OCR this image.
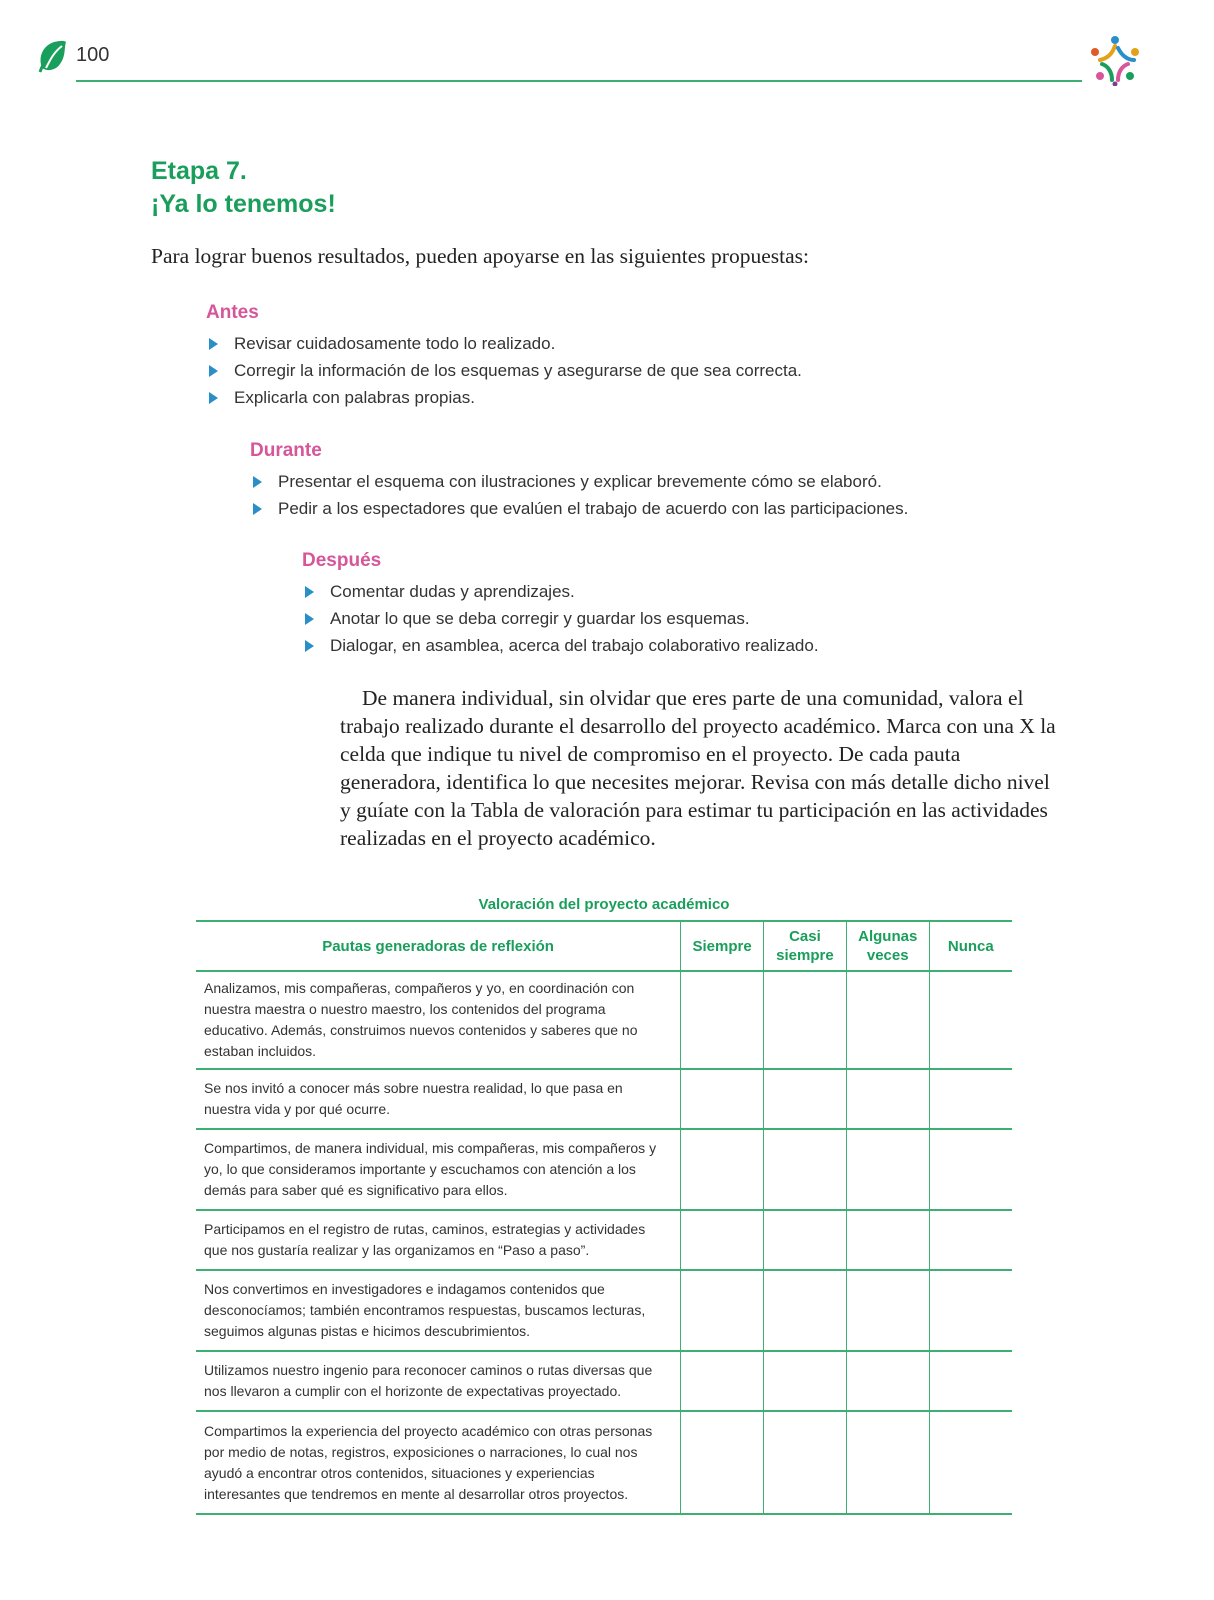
100
Etapa 7.
¡Ya lo tenemos!

Para lograr buenos resultados, pueden apoyarse en las siguientes propuestas:

Antes
Revisar cuidadosamente todo lo realizado.
Corregir la información de los esquemas y asegurarse de que sea correcta.
Explicarla con palabras propias.
Durante
Presentar el esquema con ilustraciones y explicar brevemente cómo se elaboró.
Pedir a los espectadores que evalúen el trabajo de acuerdo con las participaciones.
Después
Comentar dudas y aprendizajes.
Anotar lo que se deba corregir y guardar los esquemas.
Dialogar, en asamblea, acerca del trabajo colaborativo realizado.

De manera individual, sin olvidar que eres parte de una comunidad, valora el trabajo realizado durante el desarrollo del proyecto académico. Marca con una X la celda que indique tu nivel de compromiso en el proyecto. De cada pauta generadora, identifica lo que necesites mejorar. Revisa con más detalle dicho nivel y guíate con la Tabla de valoración para estimar tu participación en las actividades realizadas en el proyecto académico.

Valoración del proyecto académico

Pautas generadoras de reflexión	Siempre	Casi siempre	Algunas veces	Nunca
Analizamos, mis compañeras, compañeros y yo, en coordinación con nuestra maestra o nuestro maestro, los contenidos del programa educativo. Además, construimos nuevos contenidos y saberes que no estaban incluidos.				
Se nos invitó a conocer más sobre nuestra realidad, lo que pasa en nuestra vida y por qué ocurre.				
Compartimos, de manera individual, mis compañeras, mis compañeros y yo, lo que consideramos importante y escuchamos con atención a los demás para saber qué es significativo para ellos.				
Participamos en el registro de rutas, caminos, estrategias y actividades que nos gustaría realizar y las organizamos en “Paso a paso”.				
Nos convertimos en investigadores e indagamos contenidos que desconocíamos; también encontramos respuestas, buscamos lecturas, seguimos algunas pistas e hicimos descubrimientos.				
Utilizamos nuestro ingenio para reconocer caminos o rutas diversas que nos llevaron a cumplir con el horizonte de expectativas proyectado.				
Compartimos la experiencia del proyecto académico con otras personas por medio de notas, registros, exposiciones o narraciones, lo cual nos ayudó a encontrar otros contenidos, situaciones y experiencias interesantes que tendremos en mente al desarrollar otros proyectos.				
